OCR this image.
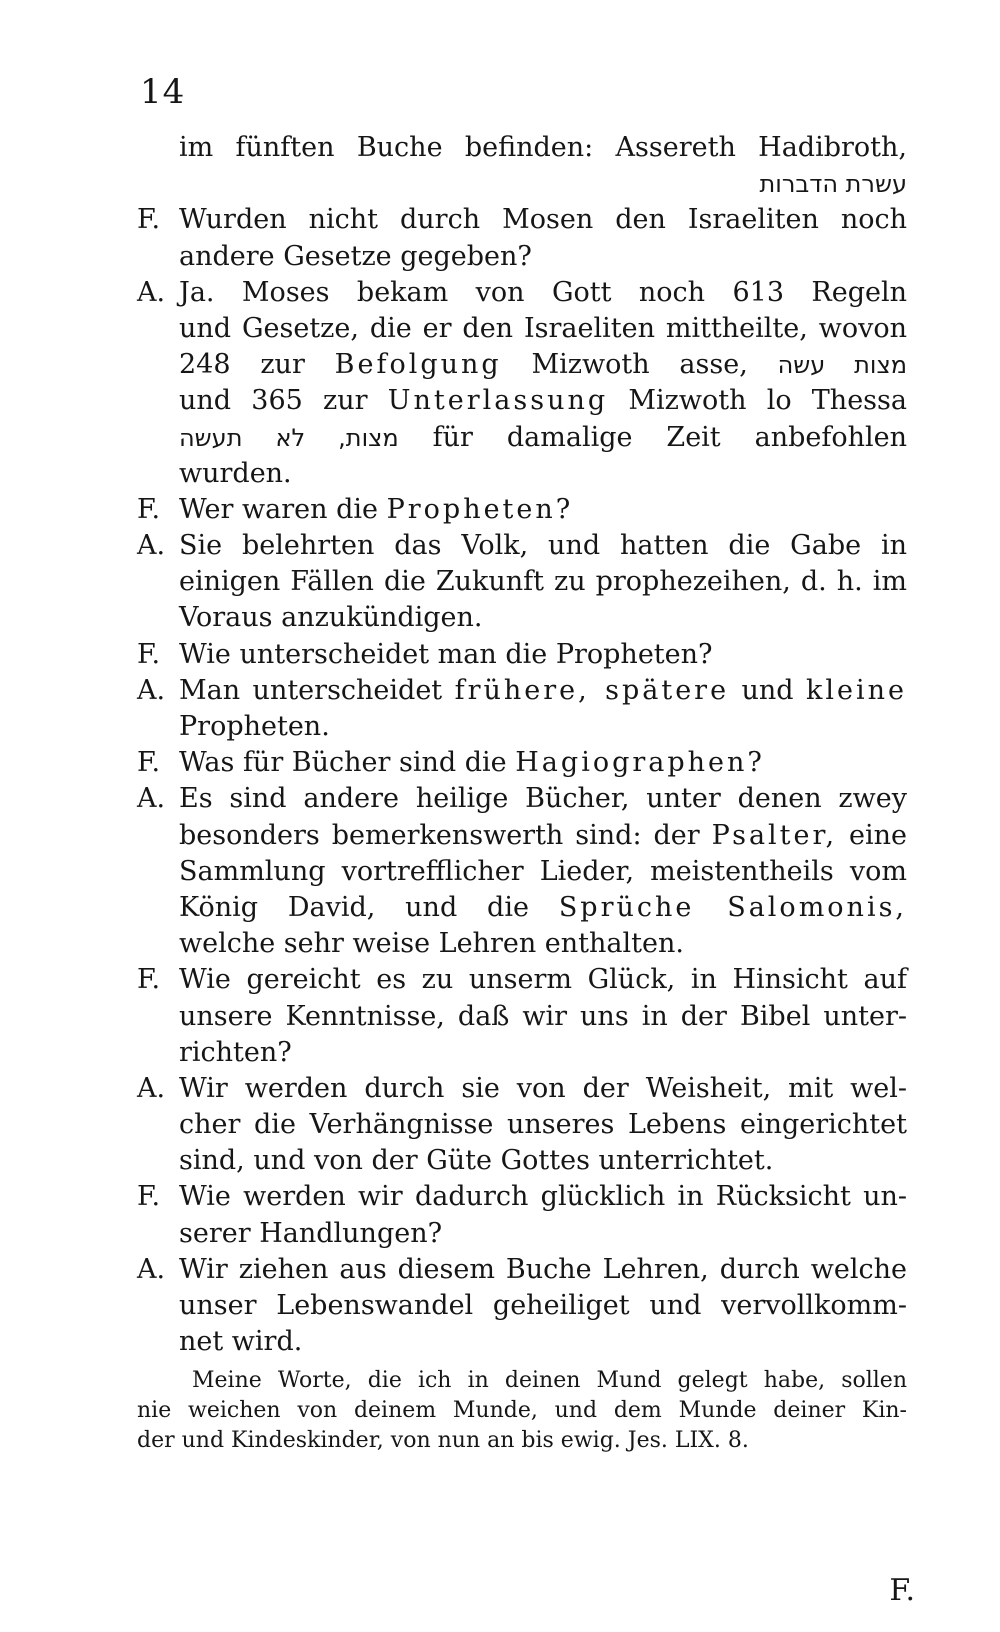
14
im fünften Buche befinden: Assereth Hadibroth,
עשרת הדברות
F. Wurden nicht durch Mosen den Israeliten noch
andere Gesetze gegeben?
A. Ja. Moses bekam von Gott noch 613 Regeln
und Gesetze, die er den Israeliten mittheilte, wovon
248 zur Befolgung Mizwoth asse, מצות עשה
und 365 zur Unterlassung Mizwoth lo Thessa
מצות, לא תעשה für damalige Zeit anbefohlen
wurden.
F. Wer waren die Propheten?
A. Sie belehrten das Volk, und hatten die Gabe in
einigen Fällen die Zukunft zu prophezeihen, d. h. im
Voraus anzukündigen.
F. Wie unterscheidet man die Propheten?
A. Man unterscheidet frühere, spätere und kleine
Propheten.
F. Was für Bücher sind die Hagiographen?
A. Es sind andere heilige Bücher, unter denen zwey
besonders bemerkenswerth sind: der Psalter, eine
Sammlung vortrefflicher Lieder, meistentheils vom
König David, und die Sprüche Salomonis,
welche sehr weise Lehren enthalten.
F. Wie gereicht es zu unserm Glück, in Hinsicht auf
unsere Kenntnisse, daß wir uns in der Bibel unter-
richten?
A. Wir werden durch sie von der Weisheit, mit wel-
cher die Verhängnisse unseres Lebens eingerichtet
sind, und von der Güte Gottes unterrichtet.
F. Wie werden wir dadurch glücklich in Rücksicht un-
serer Handlungen?
A. Wir ziehen aus diesem Buche Lehren, durch welche
unser Lebenswandel geheiliget und vervollkomm-
net wird.
Meine Worte, die ich in deinen Mund gelegt habe, sollen
nie weichen von deinem Munde, und dem Munde deiner Kin-
der und Kindeskinder, von nun an bis ewig. Jes. LIX. 8.
F.
